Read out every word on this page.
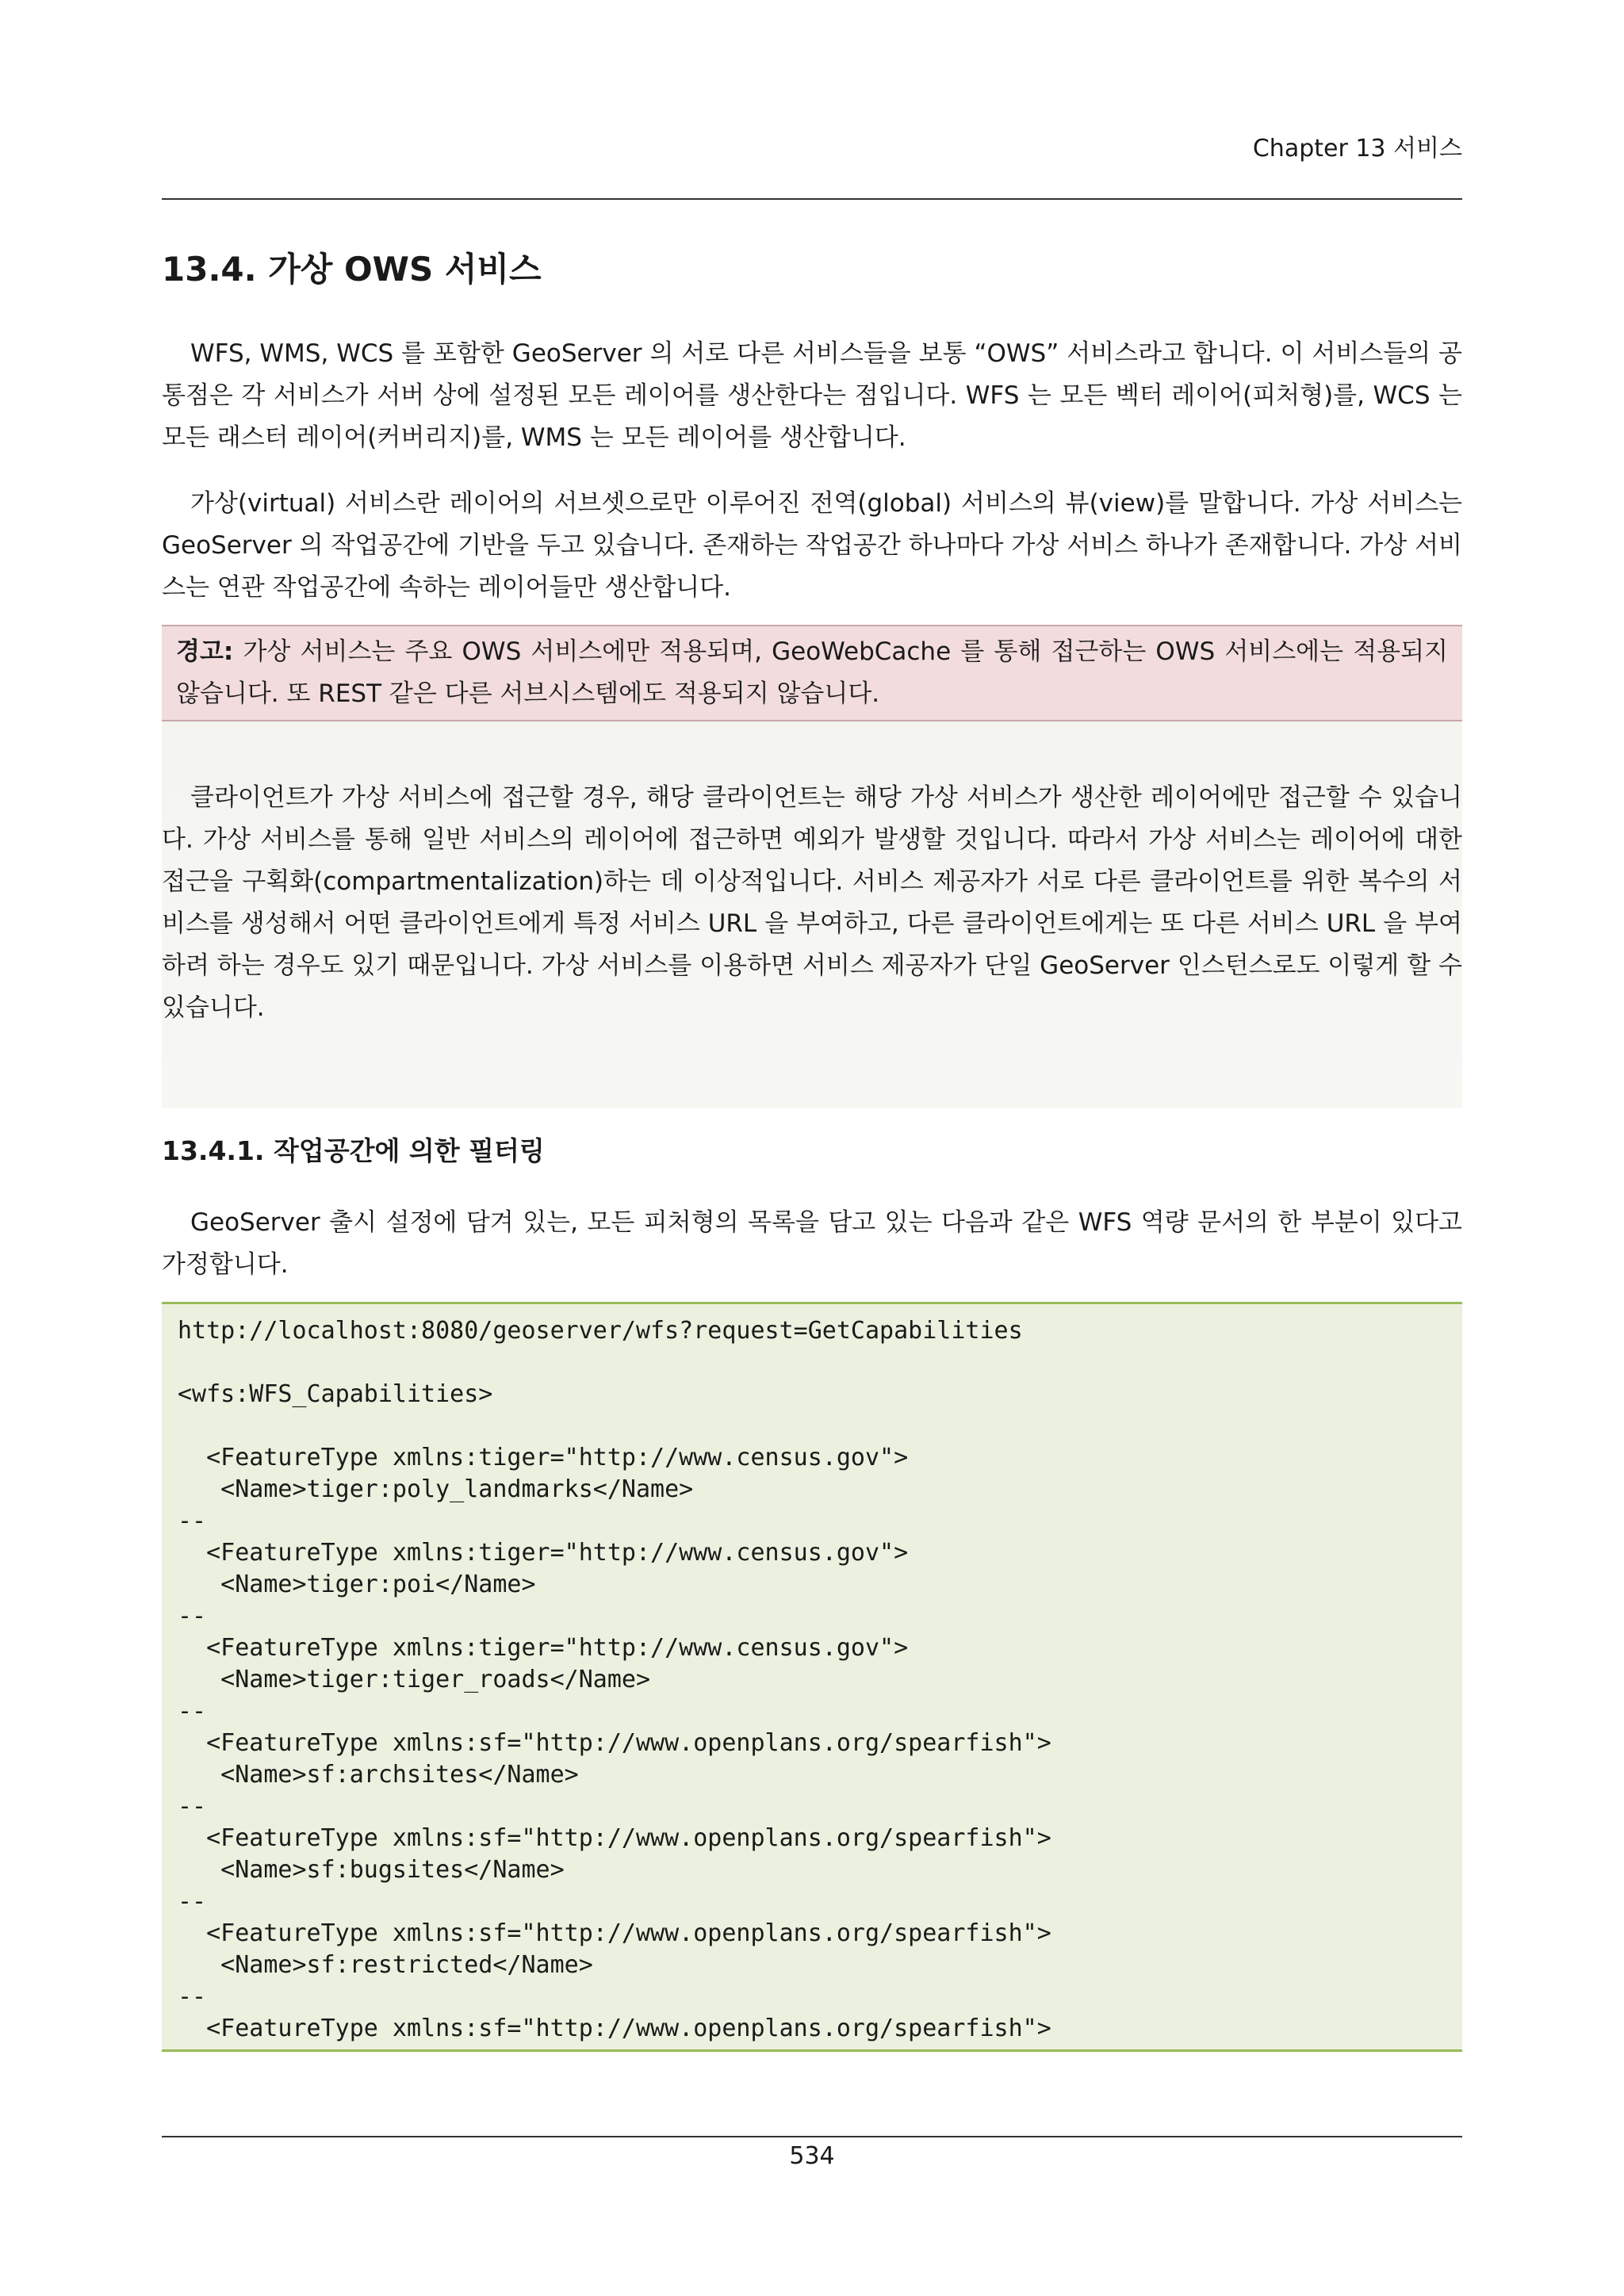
Chapter 13 서비스
13.4. 가상 OWS 서비스

WFS, WMS, WCS 를 포함한 GeoServer 의 서로 다른 서비스들을 보통 “OWS” 서비스라고 합니다. 이 서비스들의 공통점은 각 서비스가 서버 상에 설정된 모든 레이어를 생산한다는 점입니다. WFS 는 모든 벡터 레이어(피처형)를, WCS 는 모든 래스터 레이어(커버리지)를, WMS 는 모든 레이어를 생산합니다.

가상(virtual) 서비스란 레이어의 서브셋으로만 이루어진 전역(global) 서비스의 뷰(view)를 말합니다. 가상 서비스는 GeoServer 의 작업공간에 기반을 두고 있습니다. 존재하는 작업공간 하나마다 가상 서비스 하나가 존재합니다. 가상 서비스는 연관 작업공간에 속하는 레이어들만 생산합니다.

경고: 가상 서비스는 주요 OWS 서비스에만 적용되며, GeoWebCache 를 통해 접근하는 OWS 서비스에는 적용되지 않습니다. 또 REST 같은 다른 서브시스템에도 적용되지 않습니다.

클라이언트가 가상 서비스에 접근할 경우, 해당 클라이언트는 해당 가상 서비스가 생산한 레이어에만 접근할 수 있습니다. 가상 서비스를 통해 일반 서비스의 레이어에 접근하면 예외가 발생할 것입니다. 따라서 가상 서비스는 레이어에 대한 접근을 구획화(compartmentalization)하는 데 이상적입니다. 서비스 제공자가 서로 다른 클라이언트를 위한 복수의 서비스를 생성해서 어떤 클라이언트에게 특정 서비스 URL 을 부여하고, 다른 클라이언트에게는 또 다른 서비스 URL 을 부여하려 하는 경우도 있기 때문입니다. 가상 서비스를 이용하면 서비스 제공자가 단일 GeoServer 인스턴스로도 이렇게 할 수 있습니다.

13.4.1. 작업공간에 의한 필터링

GeoServer 출시 설정에 담겨 있는, 모든 피처형의 목록을 담고 있는 다음과 같은 WFS 역량 문서의 한 부분이 있다고 가정합니다.

http://localhost:8080/geoserver/wfs?request=GetCapabilities

<wfs:WFS_Capabilities>

<FeatureType xmlns:tiger="http://www.census.gov">
<Name>tiger:poly_landmarks</Name>
--
<FeatureType xmlns:tiger="http://www.census.gov">
<Name>tiger:poi</Name>
--
<FeatureType xmlns:tiger="http://www.census.gov">
<Name>tiger:tiger_roads</Name>
--
<FeatureType xmlns:sf="http://www.openplans.org/spearfish">
<Name>sf:archsites</Name>
--
<FeatureType xmlns:sf="http://www.openplans.org/spearfish">
<Name>sf:bugsites</Name>
--
<FeatureType xmlns:sf="http://www.openplans.org/spearfish">
<Name>sf:restricted</Name>
--
<FeatureType xmlns:sf="http://www.openplans.org/spearfish">
534
